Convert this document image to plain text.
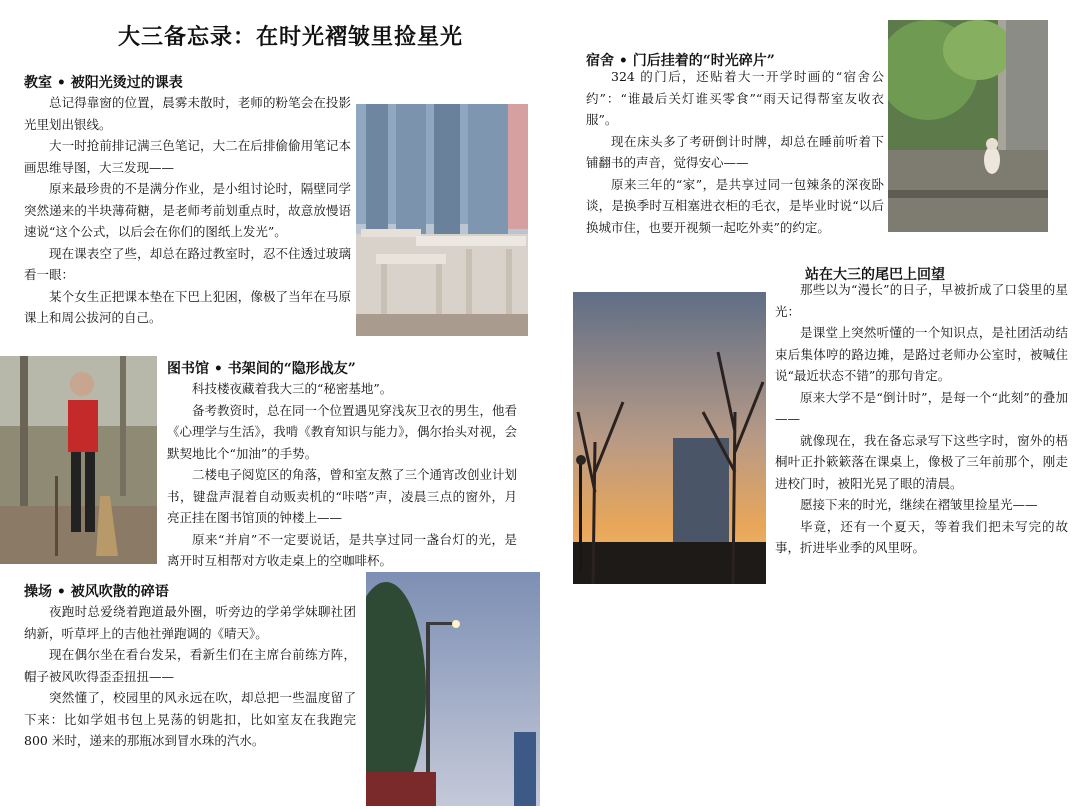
大三备忘录：在时光褶皱里捡星光
教室 • 被阳光烫过的课表

总记得靠窗的位置，晨雾未散时，老师的粉笔会在投影光里划出银线。

大一时抢前排记满三色笔记，大二在后排偷偷用笔记本画思维导图，大三发现——

原来最珍贵的不是满分作业，是小组讨论时，隔壁同学突然递来的半块薄荷糖，是老师考前划重点时，故意放慢语速说“这个公式，以后会在你们的图纸上发光”。

现在课表空了些，却总在路过教室时，忍不住透过玻璃看一眼：

某个女生正把课本垫在下巴上犯困，像极了当年在马原课上和周公拔河的自己。

图书馆 • 书架间的“隐形战友”

科技楼夜藏着我大三的“秘密基地”。

备考教资时，总在同一个位置遇见穿浅灰卫衣的男生，他看《心理学与生活》，我啃《教育知识与能力》，偶尔抬头对视，会默契地比个“加油”的手势。

二楼电子阅览区的角落，曾和室友熬了三个通宵改创业计划书，键盘声混着自动贩卖机的“咔嗒”声，凌晨三点的窗外，月亮正挂在图书馆顶的钟楼上——

原来“并肩”不一定要说话，是共享过同一盏台灯的光，是离开时互相帮对方收走桌上的空咖啡杯。

操场 • 被风吹散的碎语

夜跑时总爱绕着跑道最外圈，听旁边的学弟学妹聊社团纳新，听草坪上的吉他社弹跑调的《晴天》。

现在偶尔坐在看台发呆，看新生们在主席台前练方阵，帽子被风吹得歪歪扭扭——

突然懂了，校园里的风永远在吹，却总把一些温度留了下来：比如学姐书包上晃荡的钥匙扣，比如室友在我跑完 800 米时，递来的那瓶冰到冒水珠的汽水。

宿舍 • 门后挂着的“时光碎片”

324 的门后，还贴着大一开学时画的“宿舍公约”：“谁最后关灯谁买零食”“雨天记得帮室友收衣服”。

现在床头多了考研倒计时牌，却总在睡前听着下铺翻书的声音，觉得安心——

原来三年的“家”，是共享过同一包辣条的深夜卧谈，是换季时互相塞进衣柜的毛衣，是毕业时说“以后换城市住，也要开视频一起吃外卖”的约定。

站在大三的尾巴上回望

那些以为“漫长”的日子，早被折成了口袋里的星光：

是课堂上突然听懂的一个知识点，是社团活动结束后集体哼的路边摊，是路过老师办公室时，被喊住说“最近状态不错”的那句肯定。

原来大学不是“倒计时”，是每一个“此刻”的叠加——

就像现在，我在备忘录写下这些字时，窗外的梧桐叶正扑簌簌落在课桌上，像极了三年前那个，刚走进校门时，被阳光晃了眼的清晨。

愿接下来的时光，继续在褶皱里捡星光——

毕竟，还有一个夏天，等着我们把未写完的故事，折进毕业季的风里呀。
